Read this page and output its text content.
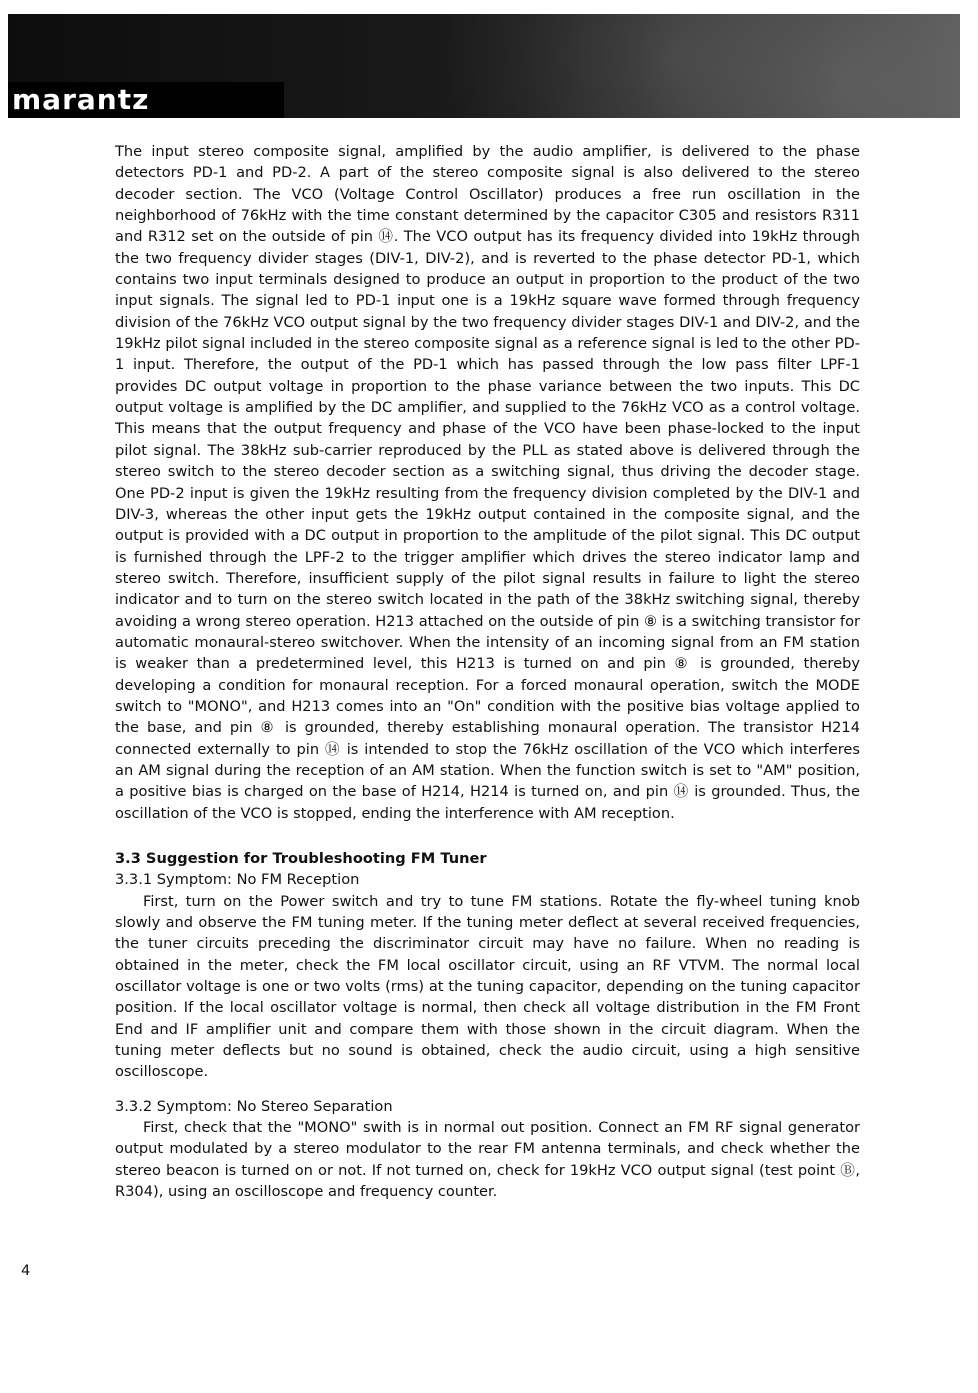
marantz

The input stereo composite signal, amplified by the audio amplifier, is delivered to the phase detectors PD-1 and PD-2. A part of the stereo composite signal is also delivered to the stereo decoder section. The VCO (Voltage Control Oscillator) produces a free run oscillation in the neighborhood of 76kHz with the time constant determined by the capacitor C305 and resistors R311 and R312 set on the outside of pin ⑭. The VCO output has its frequency divided into 19kHz through the two frequency divider stages (DIV-1, DIV-2), and is reverted to the phase detector PD-1, which contains two input terminals designed to produce an output in proportion to the product of the two input signals. The signal led to PD-1 input one is a 19kHz square wave formed through frequency division of the 76kHz VCO output signal by the two frequency divider stages DIV-1 and DIV-2, and the 19kHz pilot signal included in the stereo composite signal as a reference signal is led to the other PD-1 input. Therefore, the output of the PD-1 which has passed through the low pass filter LPF-1 provides DC output voltage in proportion to the phase variance between the two inputs. This DC output voltage is amplified by the DC amplifier, and supplied to the 76kHz VCO as a control voltage. This means that the output frequency and phase of the VCO have been phase-locked to the input pilot signal. The 38kHz sub-carrier reproduced by the PLL as stated above is delivered through the stereo switch to the stereo decoder section as a switching signal, thus driving the decoder stage. One PD-2 input is given the 19kHz resulting from the frequency division completed by the DIV-1 and DIV-3, whereas the other input gets the 19kHz output contained in the composite signal, and the output is provided with a DC output in proportion to the amplitude of the pilot signal. This DC output is furnished through the LPF-2 to the trigger amplifier which drives the stereo indicator lamp and stereo switch. Therefore, insufficient supply of the pilot signal results in failure to light the stereo indicator and to turn on the stereo switch located in the path of the 38kHz switching signal, thereby avoiding a wrong stereo operation. H213 attached on the outside of pin ⑧ is a switching transistor for automatic monaural-stereo switchover. When the intensity of an incoming signal from an FM station is weaker than a predetermined level, this H213 is turned on and pin ⑧ is grounded, thereby developing a condition for monaural reception. For a forced monaural operation, switch the MODE switch to "MONO", and H213 comes into an "On" condition with the positive bias voltage applied to the base, and pin ⑧ is grounded, thereby establishing monaural operation. The transistor H214 connected externally to pin ⑭ is intended to stop the 76kHz oscillation of the VCO which interferes an AM signal during the reception of an AM station. When the function switch is set to "AM" position, a positive bias is charged on the base of H214, H214 is turned on, and pin ⑭ is grounded. Thus, the oscillation of the VCO is stopped, ending the interference with AM reception.

3.3 Suggestion for Troubleshooting FM Tuner

3.3.1 Symptom: No FM Reception

First, turn on the Power switch and try to tune FM stations. Rotate the fly-wheel tuning knob slowly and observe the FM tuning meter. If the tuning meter deflect at several received frequencies, the tuner circuits preceding the discriminator circuit may have no failure. When no reading is obtained in the meter, check the FM local oscillator circuit, using an RF VTVM. The normal local oscillator voltage is one or two volts (rms) at the tuning capacitor, depending on the tuning capacitor position. If the local oscillator voltage is normal, then check all voltage distribution in the FM Front End and IF amplifier unit and compare them with those shown in the circuit diagram. When the tuning meter deflects but no sound is obtained, check the audio circuit, using a high sensitive oscilloscope.

3.3.2 Symptom: No Stereo Separation

First, check that the "MONO" swith is in normal out position. Connect an FM RF signal generator output modulated by a stereo modulator to the rear FM antenna terminals, and check whether the stereo beacon is turned on or not. If not turned on, check for 19kHz VCO output signal (test point Ⓑ, R304), using an oscilloscope and frequency counter.

4
